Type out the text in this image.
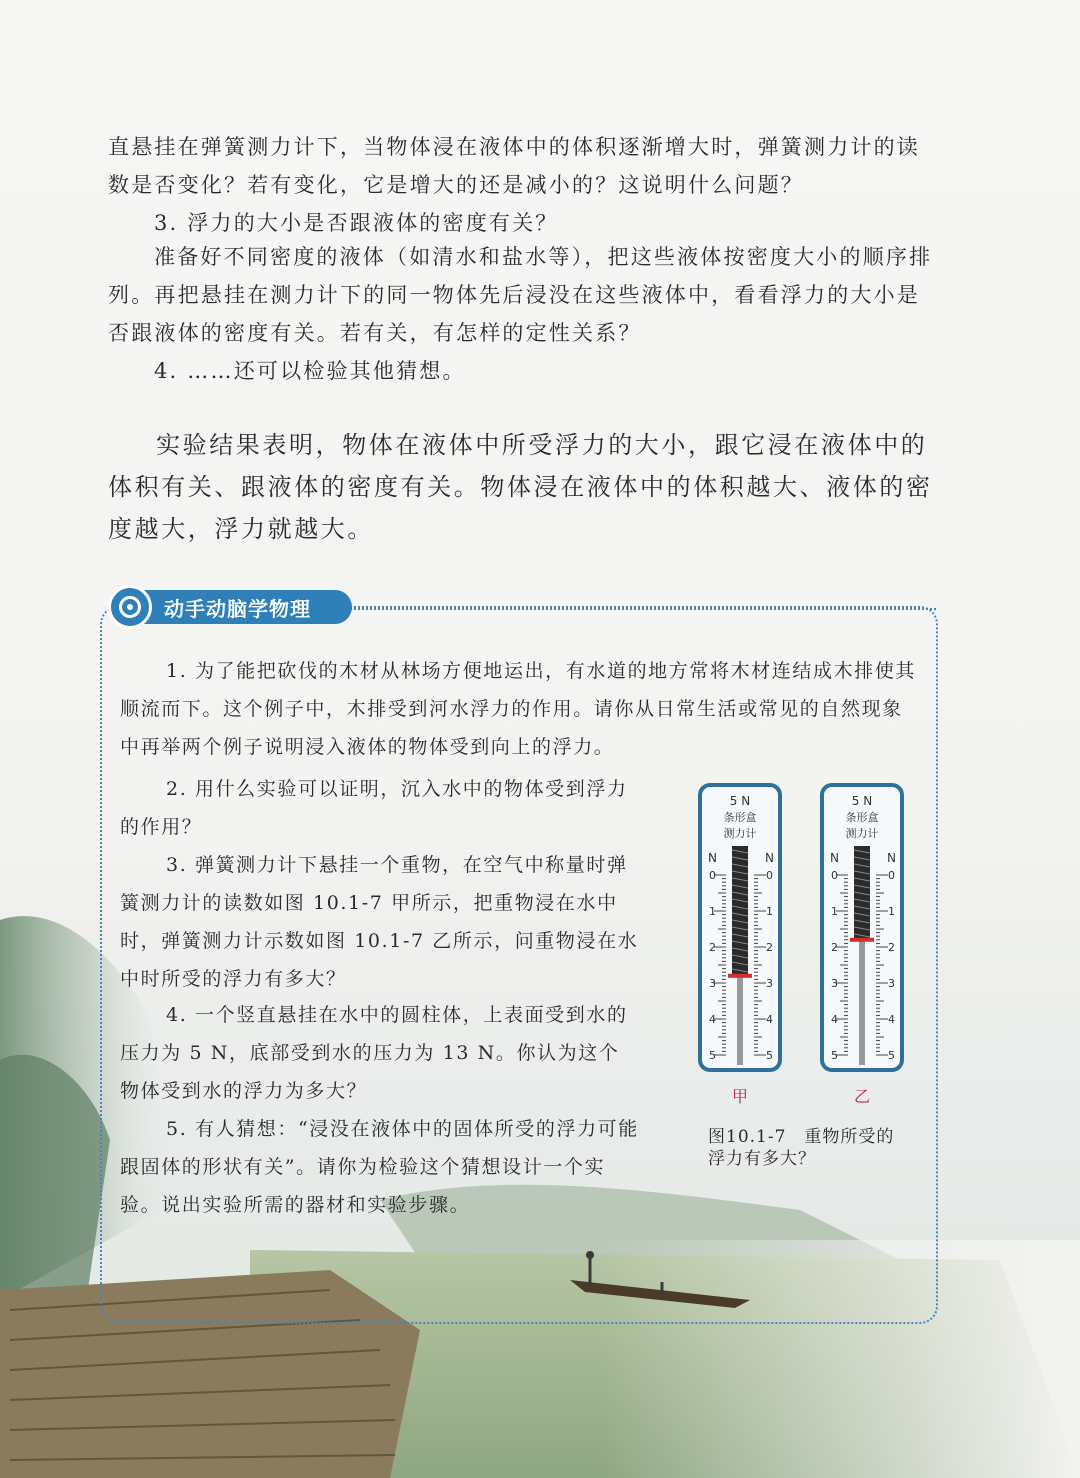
直悬挂在弹簧测力计下，当物体浸在液体中的体积逐渐增大时，弹簧测力计的读数是否变化？若有变化，它是增大的还是减小的？这说明什么问题？

3. 浮力的大小是否跟液体的密度有关？

准备好不同密度的液体（如清水和盐水等），把这些液体按密度大小的顺序排列。再把悬挂在测力计下的同一物体先后浸没在这些液体中，看看浮力的大小是否跟液体的密度有关。若有关，有怎样的定性关系？

4. ……还可以检验其他猜想。

实验结果表明，物体在液体中所受浮力的大小，跟它浸在液体中的体积有关、跟液体的密度有关。物体浸在液体中的体积越大、液体的密度越大，浮力就越大。

动手动脑学物理

1. 为了能把砍伐的木材从林场方便地运出，有水道的地方常将木材连结成木排使其顺流而下。这个例子中，木排受到河水浮力的作用。请你从日常生活或常见的自然现象中再举两个例子说明浸入液体的物体受到向上的浮力。

2. 用什么实验可以证明，沉入水中的物体受到浮力的作用？

3. 弹簧测力计下悬挂一个重物，在空气中称量时弹簧测力计的读数如图 10.1-7 甲所示，把重物浸在水中时，弹簧测力计示数如图 10.1-7 乙所示，问重物浸在水中时所受的浮力有多大？

4. 一个竖直悬挂在水中的圆柱体，上表面受到水的压力为 5 N，底部受到水的压力为 13 N。你认为这个物体受到水的浮力为多大？

5. 有人猜想：“浸没在液体中的固体所受的浮力可能跟固体的形状有关”。请你为检验这个猜想设计一个实验。说出实验所需的器材和实验步骤。

5 N
条形盒
测力计
N	N
0	0
1	1
2	2
3	3
4	4
5	5
甲
5 N
条形盒
测力计
N	N
0	0
1	1
2	2
3	3
4	4
5	5
乙

图10.1-7　重物所受的浮力有多大？
